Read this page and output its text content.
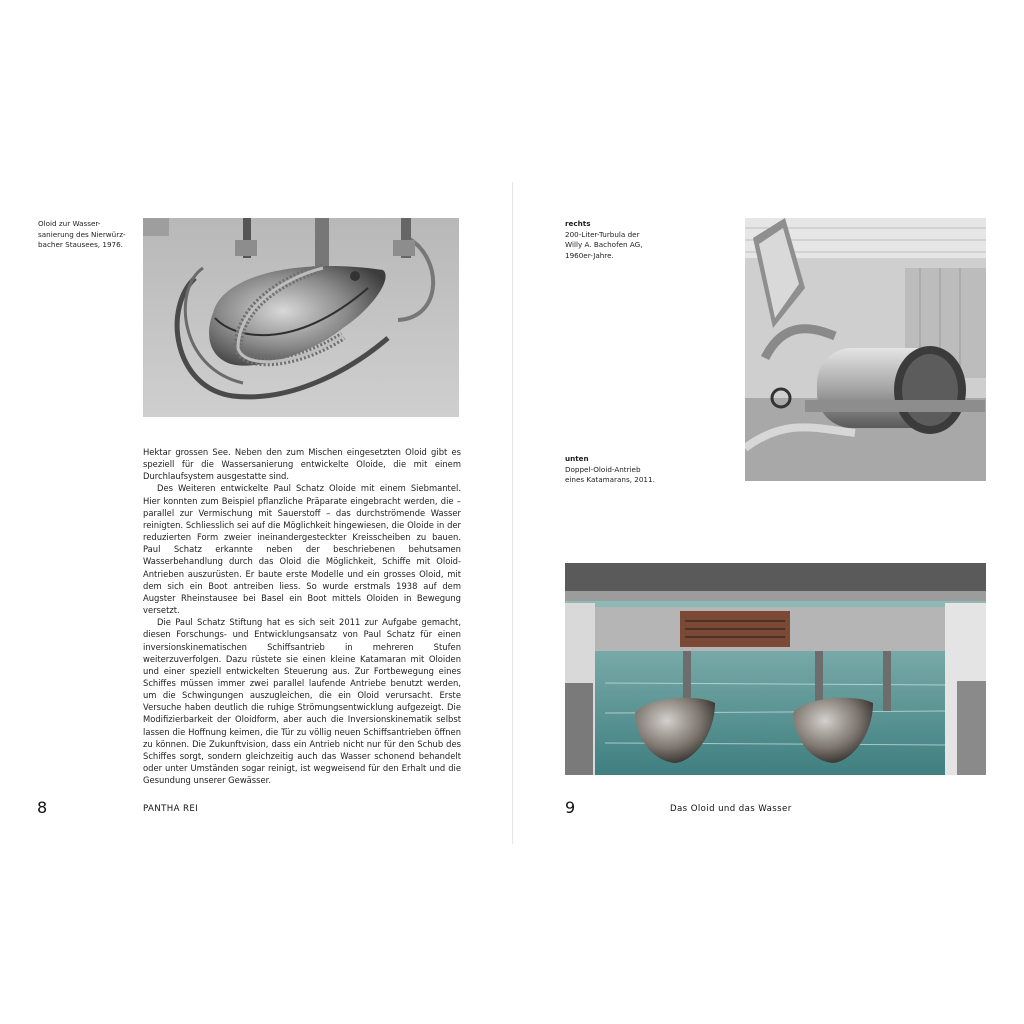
Oloid zur Wasser-
sanierung des Nierwürz-
bacher Stausees, 1976.

Hektar grossen See. Neben den zum Mischen eingesetzten Oloid gibt es speziell für die Wassersanierung entwickelte Oloide, die mit einem Durchlaufsystem ausgestatte sind.

Des Weiteren entwickelte Paul Schatz Oloide mit einem Siebmantel. Hier konnten zum Beispiel pflanzliche Präparate eingebracht werden, die – parallel zur Vermischung mit Sauerstoff – das durchströmende Wasser reinigten. Schliesslich sei auf die Möglichkeit hingewiesen, die Oloide in der reduzierten Form zweier ineinandergesteckter Kreisscheiben zu bauen. Paul Schatz erkannte neben der beschriebenen behutsamen Wasserbehandlung durch das Oloid die Möglichkeit, Schiffe mit Oloid-Antrieben auszurüsten. Er baute erste Modelle und ein grosses Oloid, mit dem sich ein Boot antreiben liess. So wurde erstmals 1938 auf dem Augster Rheinstausee bei Basel ein Boot mittels Oloiden in Bewegung versetzt.

Die Paul Schatz Stiftung hat es sich seit 2011 zur Aufgabe gemacht, diesen Forschungs- und Entwicklungsansatz von Paul Schatz für einen inversionskinematischen Schiffsantrieb in mehreren Stufen weiterzuverfolgen. Dazu rüstete sie einen kleine Katamaran mit Oloiden und einer speziell entwickelten Steuerung aus. Zur Fortbewegung eines Schiffes müssen immer zwei parallel laufende Antriebe benutzt werden, um die Schwingungen auszugleichen, die ein Oloid verursacht. Erste Versuche haben deutlich die ruhige Strömungsentwicklung aufgezeigt. Die Modifizierbarkeit der Oloidform, aber auch die Inversionskinematik selbst lassen die Hoffnung keimen, die Tür zu völlig neuen Schiffsantrieben öffnen zu können. Die Zukunftvision, dass ein Antrieb nicht nur für den Schub des Schiffes sorgt, sondern gleichzeitig auch das Wasser schonend behandelt oder unter Umständen sogar reinigt, ist wegweisend für den Erhalt und die Gesundung unserer Gewässer.

8	PANTHA REI
rechts
200-Liter-Turbula der
Willy A. Bachofen AG,
1960er-Jahre.
unten
Doppel-Oloid-Antrieb
eines Katamarans, 2011.
9	Das Oloid und das Wasser
